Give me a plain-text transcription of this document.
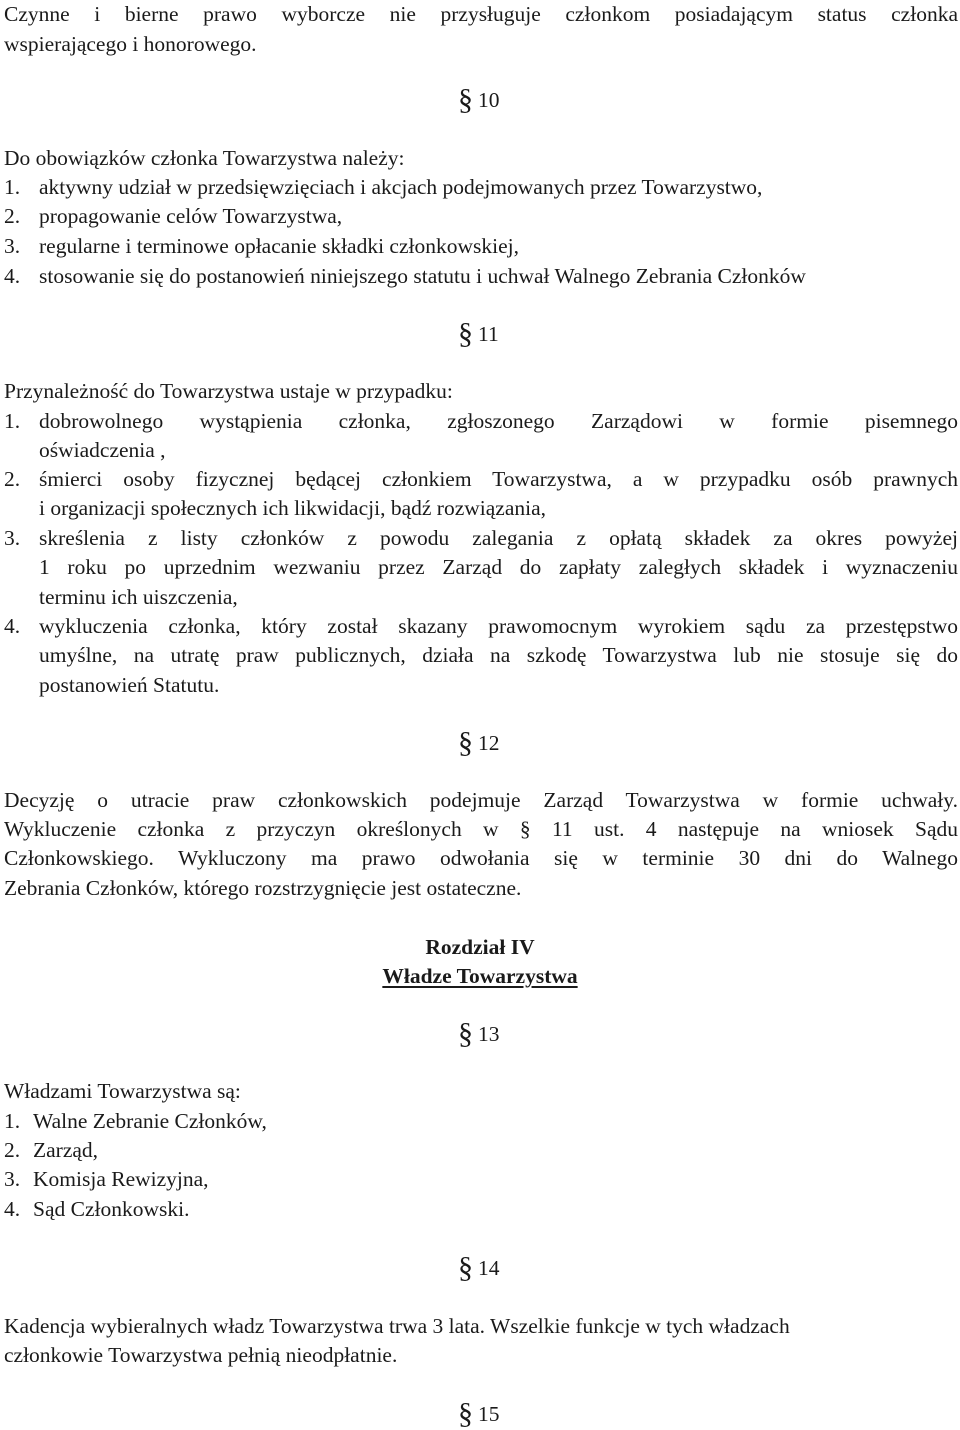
Czynne i bierne prawo wyborcze nie przysługuje członkom posiadającym status członka
wspierającego i honorowego.
§ 10
Do obowiązków członka Towarzystwa należy:
1. aktywny udział w przedsięwzięciach i akcjach podejmowanych przez Towarzystwo,
2. propagowanie celów Towarzystwa,
3. regularne i terminowe opłacanie składki członkowskiej,
4. stosowanie się do postanowień niniejszego statutu i uchwał Walnego Zebrania Członków
§ 11
Przynależność do Towarzystwa ustaje w przypadku:
1. dobrowolnego wystąpienia członka, zgłoszonego Zarządowi w formie pisemnego
oświadczenia ,
2. śmierci osoby fizycznej będącej członkiem Towarzystwa, a w przypadku osób prawnych
i organizacji społecznych ich likwidacji, bądź rozwiązania,
3. skreślenia z listy członków z powodu zalegania z opłatą składek za okres powyżej
1 roku po uprzednim wezwaniu przez Zarząd do zapłaty zaległych składek i wyznaczeniu
terminu ich uiszczenia,
4. wykluczenia członka, który został skazany prawomocnym wyrokiem sądu za przestępstwo
umyślne, na utratę praw publicznych, działa na szkodę Towarzystwa lub nie stosuje się do
postanowień Statutu.
§ 12
Decyzję o utracie praw członkowskich podejmuje Zarząd Towarzystwa w formie uchwały.
Wykluczenie członka z przyczyn określonych w § 11 ust. 4 następuje na wniosek Sądu
Członkowskiego. Wykluczony ma prawo odwołania się w terminie 30 dni do Walnego
Zebrania Członków, którego rozstrzygnięcie jest ostateczne.
Rozdział IV
Władze Towarzystwa
§ 13
Władzami Towarzystwa są:
1. Walne Zebranie Członków,
2. Zarząd,
3. Komisja Rewizyjna,
4. Sąd Członkowski.
§ 14
Kadencja wybieralnych władz Towarzystwa trwa 3 lata. Wszelkie funkcje w tych władzach
członkowie Towarzystwa pełnią nieodpłatnie.
§ 15
